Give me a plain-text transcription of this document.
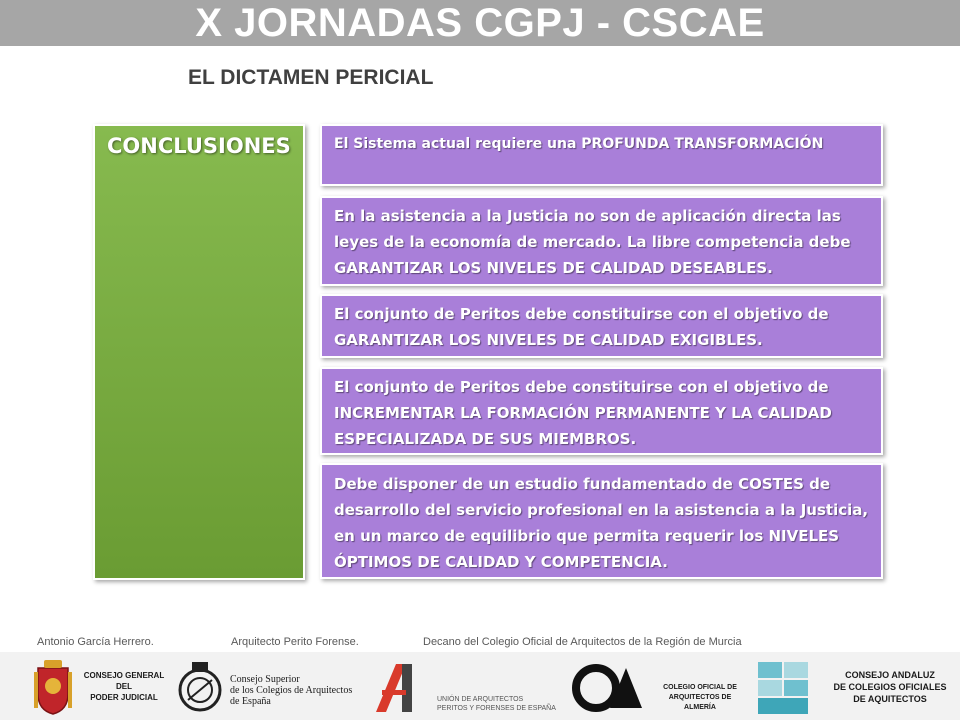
X JORNADAS CGPJ - CSCAE
EL DICTAMEN PERICIAL
CONCLUSIONES	El Sistema actual requiere una PROFUNDA TRANSFORMACIÓN
En la asistencia a la Justicia no son de aplicación directa las leyes de la economía de mercado. La libre competencia debe GARANTIZAR LOS NIVELES DE CALIDAD DESEABLES.
El conjunto de Peritos debe constituirse con el objetivo de GARANTIZAR LOS NIVELES DE CALIDAD EXIGIBLES.
El conjunto de Peritos debe constituirse con el objetivo de INCREMENTAR LA FORMACIÓN PERMANENTE Y LA CALIDAD ESPECIALIZADA DE SUS MIEMBROS.
Debe disponer de un estudio fundamentado de COSTES de desarrollo del servicio profesional en la asistencia a la Justicia, en un marco de equilibrio que permita requerir los NIVELES ÓPTIMOS DE CALIDAD Y COMPETENCIA.
Antonio García Herrero.	Arquitecto Perito Forense.	Decano del Colegio Oficial de Arquitectos de la Región de Murcia
CONSEJO GENERAL
DEL
PODER JUDICIAL
Consejo Superior
de los Colegios de Arquitectos
de España	UNIÓN DE ARQUITECTOS
PERITOS Y FORENSES DE ESPAÑA
COLEGIO OFICIAL DE
ARQUITECTOS DE ALMERÍA
CONSEJO ANDALUZ
DE COLEGIOS OFICIALES
DE AQUITECTOS
